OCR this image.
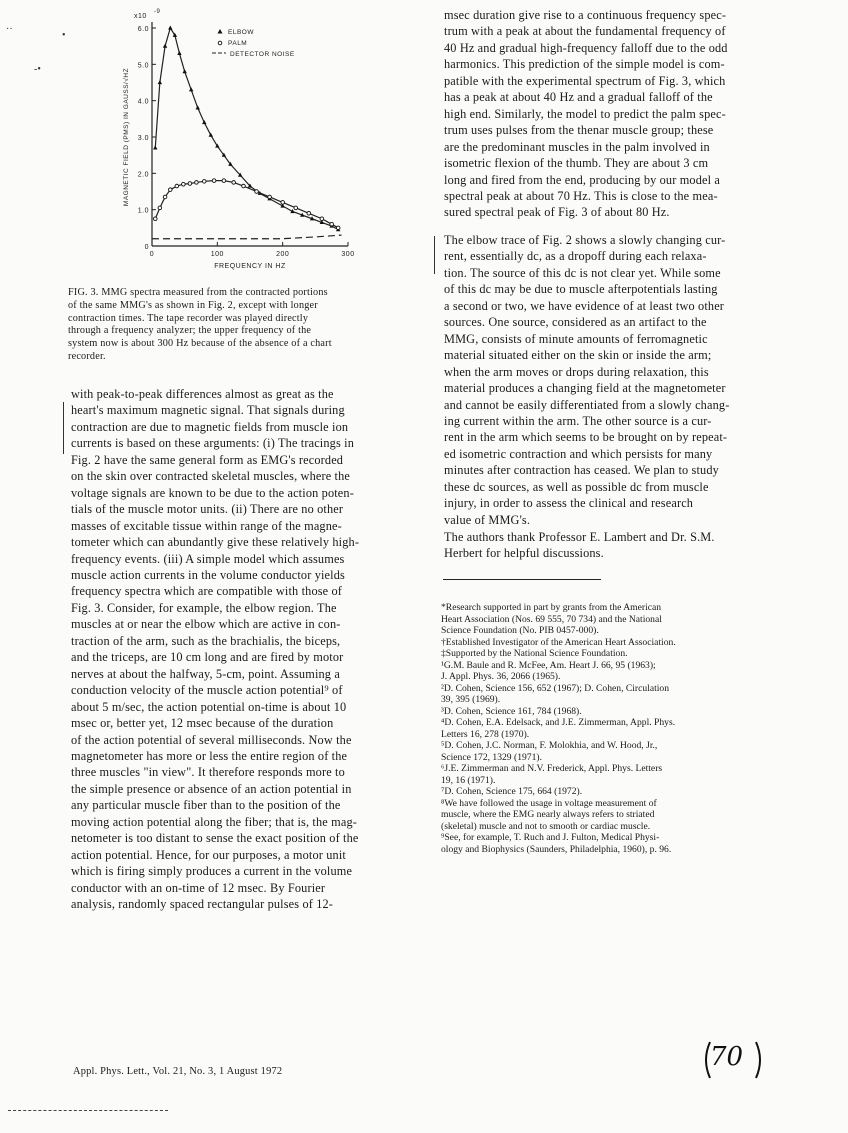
x10
-9
6.0
5.0
4.0
3.0
2.0
1.0
0
0	100	200	300
FREQUENCY IN HZ
MAGNETIC FIELD (PMS) IN GAUSS/√HZ
ELBOW
PALM
DETECTOR NOISE

FIG. 3. MMG spectra measured from the contracted portions
of the same MMG's as shown in Fig. 2, except with longer
contraction times. The tape recorder was played directly
through a frequency analyzer; the upper frequency of the
system now is about 300 Hz because of the absence of a chart
recorder.

with peak-to-peak differences almost as great as the
heart's maximum magnetic signal. That signals during
contraction are due to magnetic fields from muscle ion
currents is based on these arguments: (i) The tracings in
Fig. 2 have the same general form as EMG's recorded
on the skin over contracted skeletal muscles, where the
voltage signals are known to be due to the action poten-
tials of the muscle motor units. (ii) There are no other
masses of excitable tissue within range of the magne-
tometer which can abundantly give these relatively high-
frequency events. (iii) A simple model which assumes
muscle action currents in the volume conductor yields
frequency spectra which are compatible with those of
Fig. 3. Consider, for example, the elbow region. The
muscles at or near the elbow which are active in con-
traction of the arm, such as the brachialis, the biceps,
and the triceps, are 10 cm long and are fired by motor
nerves at about the halfway, 5-cm, point. Assuming a
conduction velocity of the muscle action potential⁹ of
about 5 m/sec, the action potential on-time is about 10
msec or, better yet, 12 msec because of the duration
of the action potential of several milliseconds. Now the
magnetometer has more or less the entire region of the
three muscles "in view". It therefore responds more to
the simple presence or absence of an action potential in
any particular muscle fiber than to the position of the
moving action potential along the fiber; that is, the mag-
netometer is too distant to sense the exact position of the
action potential. Hence, for our purposes, a motor unit
which is firing simply produces a current in the volume
conductor with an on-time of 12 msec. By Fourier
analysis, randomly spaced rectangular pulses of 12-
msec duration give rise to a continuous frequency spec-
trum with a peak at about the fundamental frequency of
40 Hz and gradual high-frequency falloff due to the odd
harmonics. This prediction of the simple model is com-
patible with the experimental spectrum of Fig. 3, which
has a peak at about 40 Hz and a gradual falloff of the
high end. Similarly, the model to predict the palm spec-
trum uses pulses from the thenar muscle group; these
are the predominant muscles in the palm involved in
isometric flexion of the thumb. They are about 3 cm
long and fired from the end, producing by our model a
spectral peak at about 70 Hz. This is close to the mea-
sured spectral peak of Fig. 3 of about 80 Hz.
The elbow trace of Fig. 2 shows a slowly changing cur-
rent, essentially dc, as a dropoff during each relaxa-
tion. The source of this dc is not clear yet. While some
of this dc may be due to muscle afterpotentials lasting
a second or two, we have evidence of at least two other
sources. One source, considered as an artifact to the
MMG, consists of minute amounts of ferromagnetic
material situated either on the skin or inside the arm;
when the arm moves or drops during relaxation, this
material produces a changing field at the magnetometer
and cannot be easily differentiated from a slowly chang-
ing current within the arm. The other source is a cur-
rent in the arm which seems to be brought on by repeat-
ed isometric contraction and which persists for many
minutes after contraction has ceased. We plan to study
these dc sources, as well as possible dc from muscle
injury, in order to assess the clinical and research
value of MMG's.
The authors thank Professor E. Lambert and Dr. S.M.
Herbert for helpful discussions.
*Research supported in part by grants from the American
Heart Association (Nos. 69 555, 70 734) and the National
Science Foundation (No. PIB 0457-000).
†Established Investigator of the American Heart Association.
‡Supported by the National Science Foundation.
¹G.M. Baule and R. McFee, Am. Heart J. 66, 95 (1963);
J. Appl. Phys. 36, 2066 (1965).
²D. Cohen, Science 156, 652 (1967); D. Cohen, Circulation
39, 395 (1969).
³D. Cohen, Science 161, 784 (1968).
⁴D. Cohen, E.A. Edelsack, and J.E. Zimmerman, Appl. Phys.
Letters 16, 278 (1970).
⁵D. Cohen, J.C. Norman, F. Molokhia, and W. Hood, Jr.,
Science 172, 1329 (1971).
⁶J.E. Zimmerman and N.V. Frederick, Appl. Phys. Letters
19, 16 (1971).
⁷D. Cohen, Science 175, 664 (1972).
⁸We have followed the usage in voltage measurement of
muscle, where the EMG nearly always refers to striated
(skeletal) muscle and not to smooth or cardiac muscle.
⁹See, for example, T. Ruch and J. Fulton, Medical Physi-
ology and Biophysics (Saunders, Philadelphia, 1960), p. 96.
Appl. Phys. Lett., Vol. 21, No. 3, 1 August 1972	70
··
-•
•
